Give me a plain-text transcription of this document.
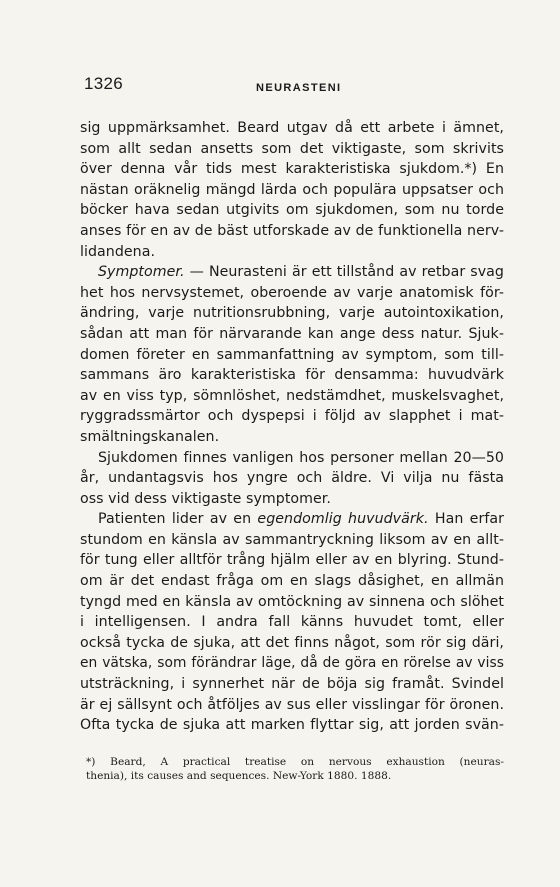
1326	NEURASTENI
sig uppmärksamhet. Beard utgav då ett arbete i ämnet,
som allt sedan ansetts som det viktigaste, som skrivits
över denna vår tids mest karakteristiska sjukdom.*) En
nästan oräknelig mängd lärda och populära uppsatser och
böcker hava sedan utgivits om sjukdomen, som nu torde
anses för en av de bäst utforskade av de funktionella nerv-
lidandena.
Symptomer. — Neurasteni är ett tillstånd av retbar svag
het hos nervsystemet, oberoende av varje anatomisk för-
ändring, varje nutritionsrubbning, varje autointoxikation,
sådan att man för närvarande kan ange dess natur. Sjuk-
domen företer en sammanfattning av symptom, som till-
sammans äro karakteristiska för densamma: huvudvärk
av en viss typ, sömnlöshet, nedstämdhet, muskelsvaghet,
ryggradssmärtor och dyspepsi i följd av slapphet i mat-
smältningskanalen.
Sjukdomen finnes vanligen hos personer mellan 20—50
år, undantagsvis hos yngre och äldre. Vi vilja nu fästa
oss vid dess viktigaste symptomer.
Patienten lider av en egendomlig huvudvärk. Han erfar
stundom en känsla av sammantryckning liksom av en allt-
för tung eller alltför trång hjälm eller av en blyring. Stund-
om är det endast fråga om en slags dåsighet, en allmän
tyngd med en känsla av omtöckning av sinnena och slöhet
i intelligensen. I andra fall känns huvudet tomt, eller
också tycka de sjuka, att det finns något, som rör sig däri,
en vätska, som förändrar läge, då de göra en rörelse av viss
utsträckning, i synnerhet när de böja sig framåt. Svindel
är ej sällsynt och åtföljes av sus eller visslingar för öronen.
Ofta tycka de sjuka att marken flyttar sig, att jorden svän-
*) Beard, A practical treatise on nervous exhaustion (neuras-
thenia), its causes and sequences. New-York 1880. 1888.
